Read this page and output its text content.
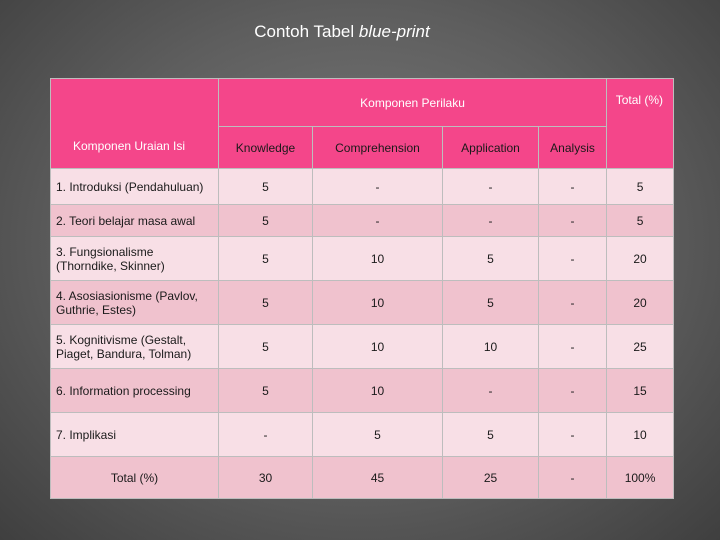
Contoh Tabel blue-print
Komponen Uraian Isi	Komponen Perilaku				Total (%)
	Knowledge	Comprehension	Application	Analysis	
1. Introduksi (Pendahuluan)	5	-	-	-	5
2. Teori belajar masa awal	5	-	-	-	5
3. Fungsionalisme (Thorndike, Skinner)	5	10	5	-	20
4. Asosiasionisme (Pavlov, Guthrie, Estes)	5	10	5	-	20
5. Kognitivisme (Gestalt, Piaget, Bandura, Tolman)	5	10	10	-	25
6. Information processing	5	10	-	-	15
7. Implikasi	-	5	5	-	10
Total (%)	30	45	25	-	100%
